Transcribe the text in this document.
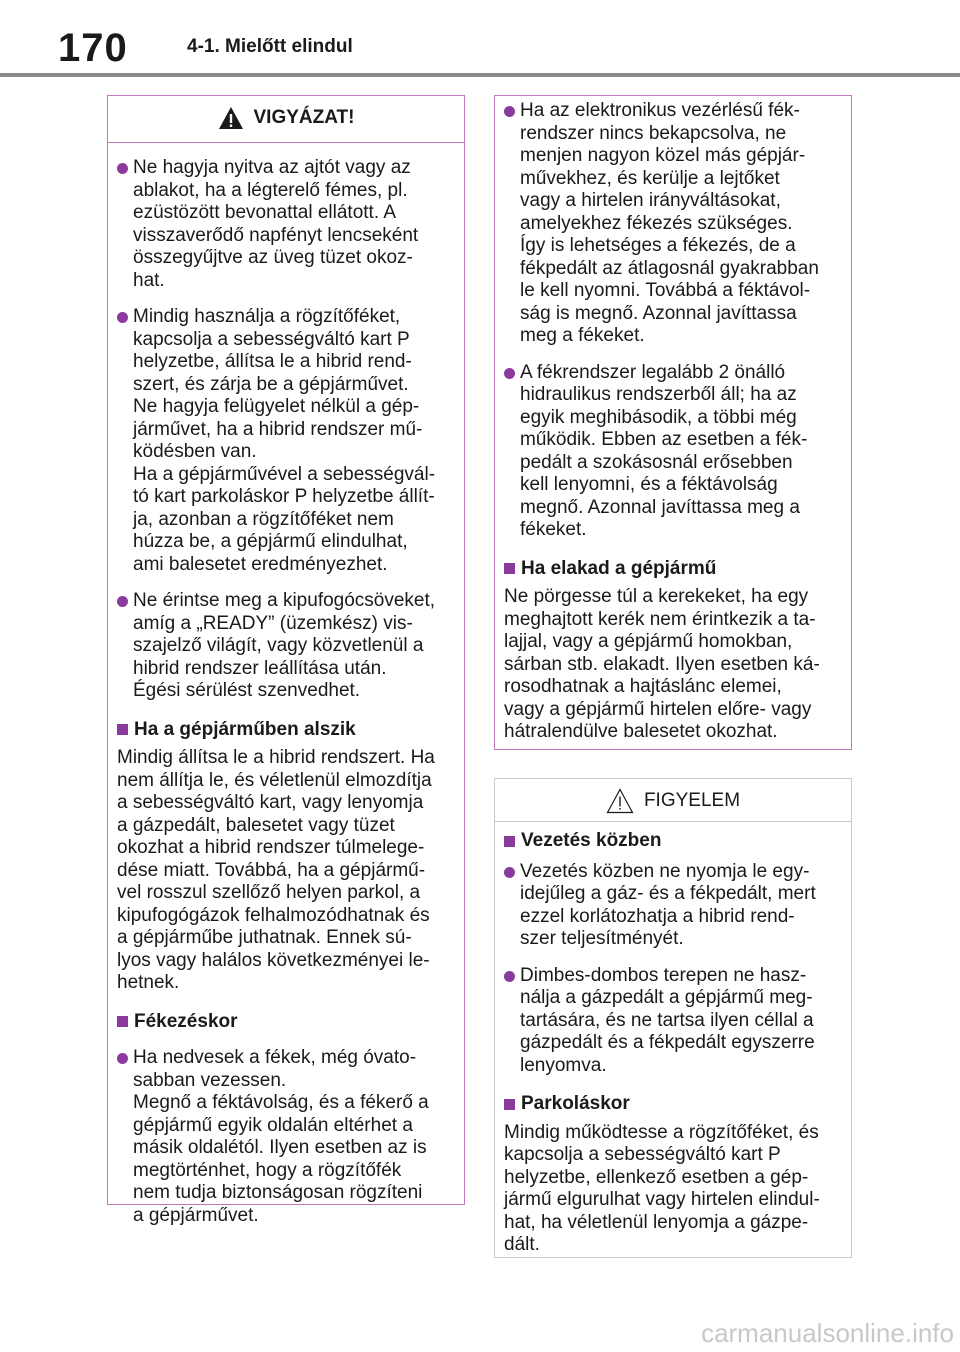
170	4-1. Mielőtt elindul
VIGYÁZAT!
Ne hagyja nyitva az ajtót vagy az
ablakot, ha a légterelő fémes, pl.
ezüstözött bevonattal ellátott. A
visszaverődő napfényt lencseként
összegyűjtve az üveg tüzet okoz-
hat.
Mindig használja a rögzítőféket,
kapcsolja a sebességváltó kart P
helyzetbe, állítsa le a hibrid rend-
szert, és zárja be a gépjárművet.
Ne hagyja felügyelet nélkül a gép-
járművet, ha a hibrid rendszer mű-
ködésben van.
Ha a gépjárművével a sebességvál-
tó kart parkoláskor P helyzetbe állít-
ja, azonban a rögzítőféket nem
húzza be, a gépjármű elindulhat,
ami balesetet eredményezhet.
Ne érintse meg a kipufogócsöveket,
amíg a „READY” (üzemkész) vis-
szajelző világít, vagy közvetlenül a
hibrid rendszer leállítása után.
Égési sérülést szenvedhet.
Ha a gépjárműben alszik
Mindig állítsa le a hibrid rendszert. Ha
nem állítja le, és véletlenül elmozdítja
a sebességváltó kart, vagy lenyomja
a gázpedált, balesetet vagy tüzet
okozhat a hibrid rendszer túlmelege-
dése miatt. Továbbá, ha a gépjármű-
vel rosszul szellőző helyen parkol, a
kipufogógázok felhalmozódhatnak és
a gépjárműbe juthatnak. Ennek sú-
lyos vagy halálos következményei le-
hetnek.
Fékezéskor
Ha nedvesek a fékek, még óvato-
sabban vezessen.
Megnő a féktávolság, és a fékerő a
gépjármű egyik oldalán eltérhet a
másik oldalétól. Ilyen esetben az is
megtörténhet, hogy a rögzítőfék
nem tudja biztonságosan rögzíteni
a gépjárművet.
Ha az elektronikus vezérlésű fék-
rendszer nincs bekapcsolva, ne
menjen nagyon közel más gépjár-
művekhez, és kerülje a lejtőket
vagy a hirtelen irányváltásokat,
amelyekhez fékezés szükséges.
Így is lehetséges a fékezés, de a
fékpedált az átlagosnál gyakrabban
le kell nyomni. Továbbá a féktávol-
ság is megnő. Azonnal javíttassa
meg a fékeket.
A fékrendszer legalább 2 önálló
hidraulikus rendszerből áll; ha az
egyik meghibásodik, a többi még
működik. Ebben az esetben a fék-
pedált a szokásosnál erősebben
kell lenyomni, és a féktávolság
megnő. Azonnal javíttassa meg a
fékeket.
Ha elakad a gépjármű
Ne pörgesse túl a kerekeket, ha egy
meghajtott kerék nem érintkezik a ta-
lajjal, vagy a gépjármű homokban,
sárban stb. elakadt. Ilyen esetben ká-
rosodhatnak a hajtáslánc elemei,
vagy a gépjármű hirtelen előre- vagy
hátralendülve balesetet okozhat.
FIGYELEM
Vezetés közben
Vezetés közben ne nyomja le egy-
idejűleg a gáz- és a fékpedált, mert
ezzel korlátozhatja a hibrid rend-
szer teljesítményét.
Dimbes-dombos terepen ne hasz-
nálja a gázpedált a gépjármű meg-
tartására, és ne tartsa ilyen céllal a
gázpedált és a fékpedált egyszerre
lenyomva.
Parkoláskor
Mindig működtesse a rögzítőféket, és
kapcsolja a sebességváltó kart P
helyzetbe, ellenkező esetben a gép-
jármű elgurulhat vagy hirtelen elindul-
hat, ha véletlenül lenyomja a gázpe-
dált.
carmanualsonline.info
